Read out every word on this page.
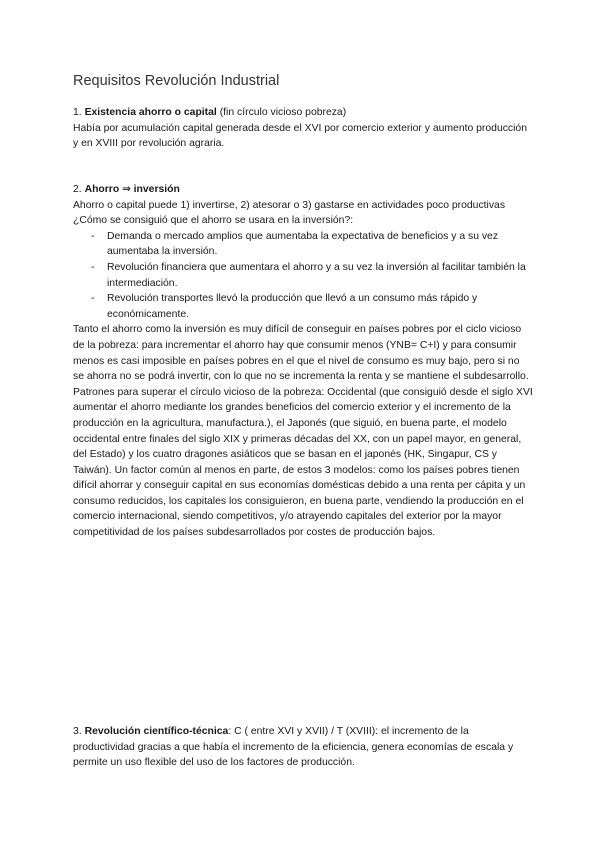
Requisitos Revolución Industrial

1. Existencia ahorro o capital (fin círculo vicioso pobreza)

Había por acumulación capital generada desde el XVI por comercio exterior y aumento producción y en XVIII por revolución agraria.

2. Ahorro ⇒ inversión

Ahorro o capital puede 1) invertirse, 2) atesorar o 3) gastarse en actividades poco productivas ¿Cómo se consiguió que el ahorro se usara en la inversión?:

- Demanda o mercado amplios que aumentaba la expectativa de beneficios y a su vez aumentaba la inversión.
- Revolución financiera que aumentara el ahorro y a su vez la inversión al facilitar también la intermediación.
- Revolución transportes llevó la producción que llevó a un consumo más rápido y económicamente.

Tanto el ahorro como la inversión es muy difícil de conseguir en países pobres por el ciclo vicioso de la pobreza: para incrementar el ahorro hay que consumir menos (YNB= C+I) y para consumir menos es casi imposible en países pobres en el que el nivel de consumo es muy bajo, pero si no se ahorra no se podrá invertir, con lo que no se incrementa la renta y se mantiene el subdesarrollo.

Patrones para superar el círculo vicioso de la pobreza: Occidental (que consiguió desde el siglo XVI aumentar el ahorro mediante los grandes beneficios del comercio exterior y el incremento de la producción en la agricultura, manufactura.), el Japonés (que siguió, en buena parte, el modelo occidental entre finales del siglo XIX y primeras décadas del XX, con un papel mayor, en general, del Estado) y los cuatro dragones asiáticos que se basan en el japonés (HK, Singapur, CS y Taiwán). Un factor común al menos en parte, de estos 3 modelos: como los países pobres tienen difícil ahorrar y conseguir capital en sus economías domésticas debido a una renta per cápita y un consumo reducidos, los capitales los consiguieron, en buena parte, vendiendo la producción en el comercio internacional, siendo competitivos, y/o atrayendo capitales del exterior por la mayor competitividad de los países subdesarrollados por costes de producción bajos.

3. Revolución científico-técnica: C ( entre XVI y XVII) / T (XVIII): el incremento de la productividad gracias a que había el incremento de la eficiencia, genera economías de escala y permite un uso flexible del uso de los factores de producción.
